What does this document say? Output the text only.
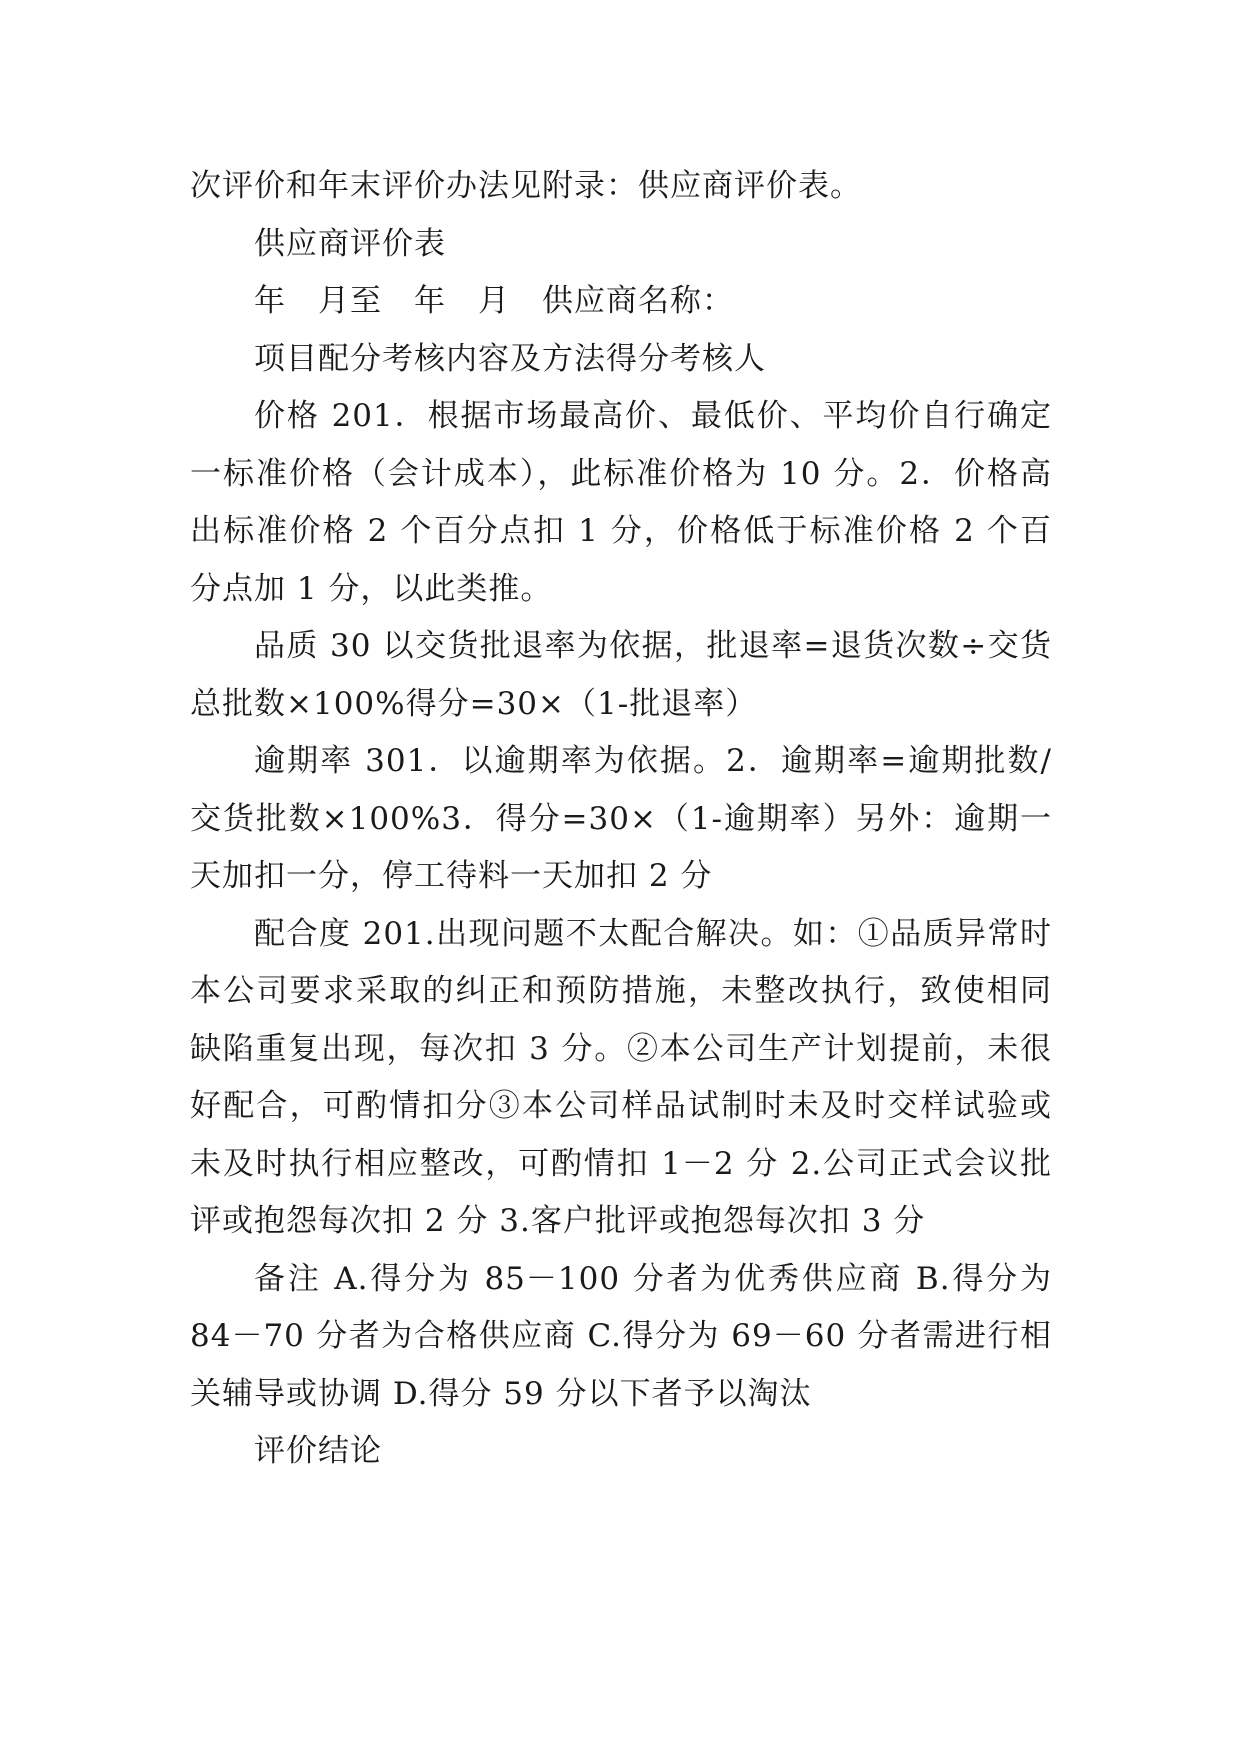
次评价和年末评价办法见附录：供应商评价表。

供应商评价表

年　月至　年　月　供应商名称：

项目配分考核内容及方法得分考核人

价格 201．根据市场最高价、最低价、平均价自行确定一标准价格（会计成本），此标准价格为 10 分。2．价格高出标准价格 2 个百分点扣 1 分，价格低于标准价格 2 个百分点加 1 分，以此类推。

品质 30 以交货批退率为依据，批退率=退货次数÷交货总批数×100%得分=30×（1-批退率）

逾期率 301．以逾期率为依据。2．逾期率=逾期批数/交货批数×100%3．得分=30×（1-逾期率）另外：逾期一天加扣一分，停工待料一天加扣 2 分

配合度 201.出现问题不太配合解决。如：①品质异常时本公司要求采取的纠正和预防措施，未整改执行，致使相同缺陷重复出现，每次扣 3 分。②本公司生产计划提前，未很好配合，可酌情扣分③本公司样品试制时未及时交样试验或未及时执行相应整改，可酌情扣 1－2 分 2.公司正式会议批评或抱怨每次扣 2 分 3.客户批评或抱怨每次扣 3 分

备注 A.得分为 85－100 分者为优秀供应商 B.得分为 84－70 分者为合格供应商 C.得分为 69－60 分者需进行相关辅导或协调 D.得分 59 分以下者予以淘汰

评价结论
